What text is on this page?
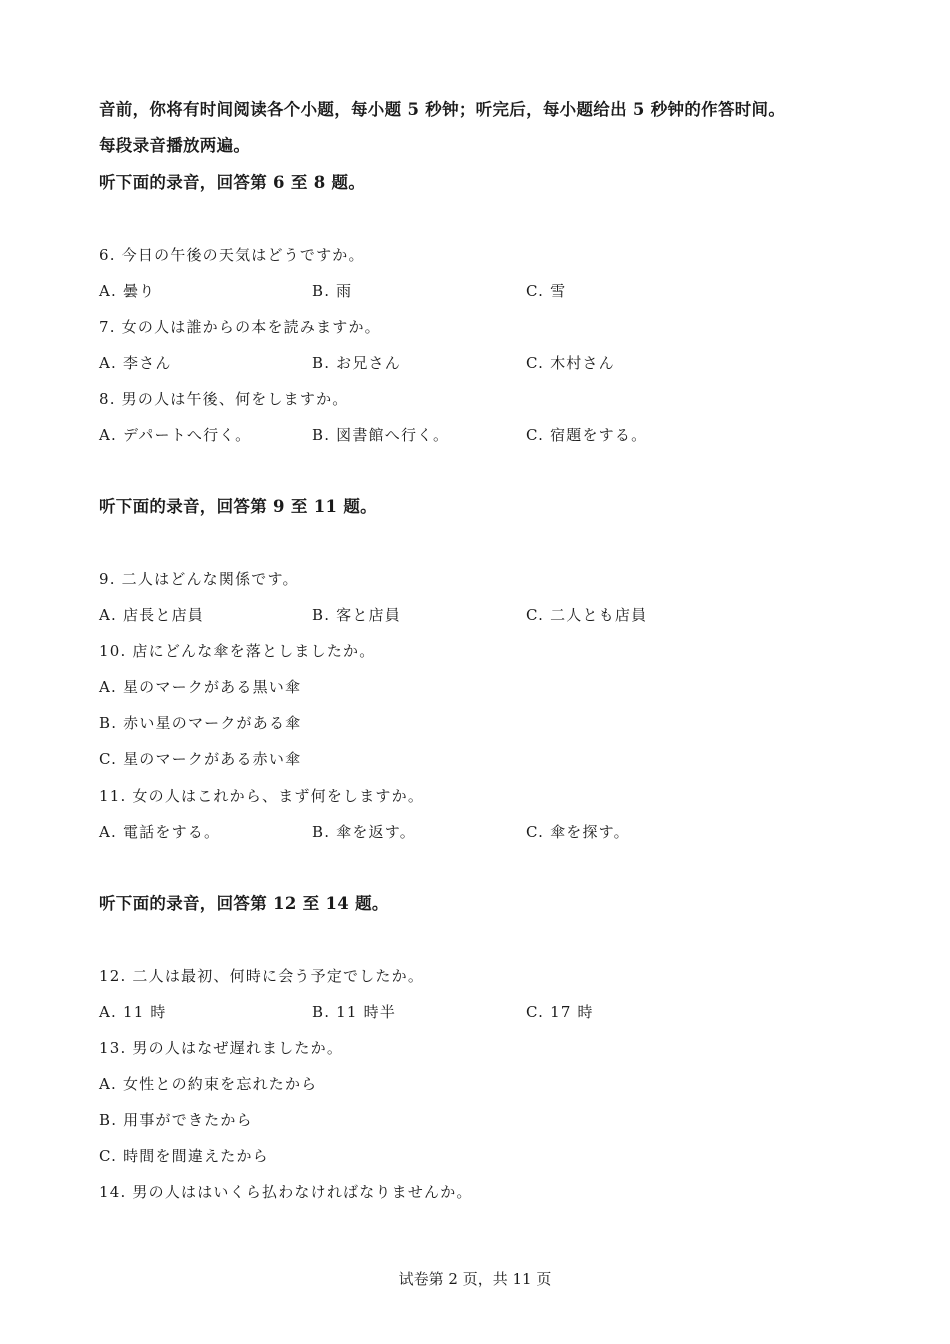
音前，你将有时间阅读各个小题，每小题 5 秒钟；听完后，每小题给出 5 秒钟的作答时间。
每段录音播放两遍。
听下面的录音，回答第 6 至 8 题。
6. 今日の午後の天気はどうですか。
A. 曇り	B. 雨	C. 雪
7. 女の人は誰からの本を読みますか。
A. 李さん	B. お兄さん	C. 木村さん
8. 男の人は午後、何をしますか。
A. デパートへ行く。	B. 図書館へ行く。	C. 宿題をする。
听下面的录音，回答第 9 至 11 题。
9. 二人はどんな関係です。
A. 店長と店員	B. 客と店員	C. 二人とも店員
10. 店にどんな傘を落としましたか。
A. 星のマークがある黒い傘
B. 赤い星のマークがある傘
C. 星のマークがある赤い傘
11. 女の人はこれから、まず何をしますか。
A. 電話をする。	B. 傘を返す。	C. 傘を探す。
听下面的录音，回答第 12 至 14 题。
12. 二人は最初、何時に会う予定でしたか。
A. 11 時	B. 11 時半	C. 17 時
13. 男の人はなぜ遅れましたか。
A. 女性との約束を忘れたから
B. 用事ができたから
C. 時間を間違えたから
14. 男の人ははいくら払わなければなりませんか。
试卷第 2 页，共 11 页
